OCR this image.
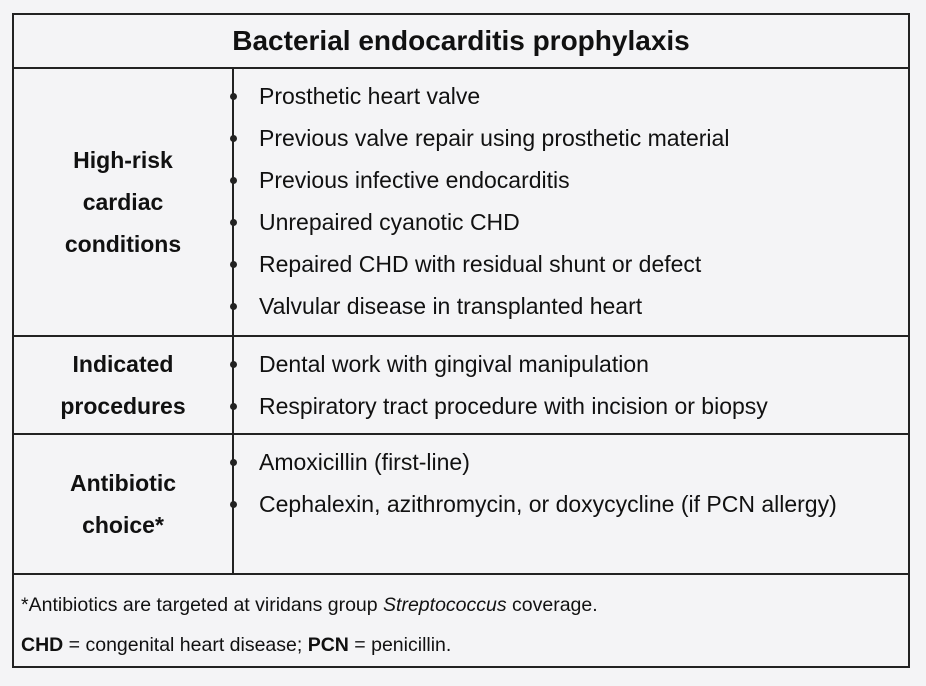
Bacterial endocarditis prophylaxis
High-risk
cardiac
conditions
Prosthetic heart valve
Previous valve repair using prosthetic material
Previous infective endocarditis
Unrepaired cyanotic CHD
Repaired CHD with residual shunt or defect
Valvular disease in transplanted heart
Indicated
procedures
Dental work with gingival manipulation
Respiratory tract procedure with incision or biopsy
Antibiotic
choice*
Amoxicillin (first-line)
Cephalexin, azithromycin, or doxycycline (if PCN allergy)
*Antibiotics are targeted at viridans group Streptococcus coverage.
CHD = congenital heart disease; PCN = penicillin.
